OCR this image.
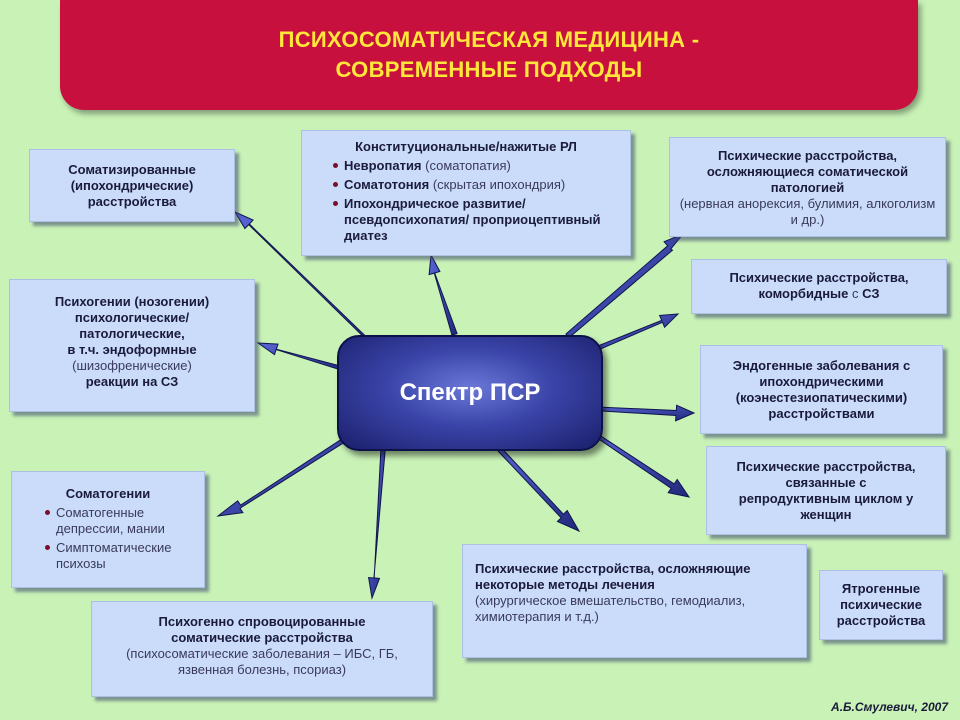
ПСИХОСОМАТИЧЕСКАЯ МЕДИЦИНА -
СОВРЕМЕННЫЕ ПОДХОДЫ
Спектр ПСР
Соматизированные
(ипохондрические)
расстройства
Конституциональные/нажитые РЛ
Невропатия (соматопатия)
Соматотония (скрытая ипохондрия)
Ипохондрическое развитие/ псевдопсихопатия/ проприоцептивный диатез
Психические расстройства,
осложняющиеся соматической патологией
(нервная анорексия, булимия, алкоголизм и др.)
Психогении (нозогении)
психологические/
патологические,
в т.ч. эндоформные
(шизофренические)
реакции на СЗ
Психические расстройства,
коморбидные с СЗ
Эндогенные заболевания с ипохондрическими
(коэнестезиопатическими)
расстройствами
Психические расстройства, связанные с репродуктивным циклом у женщин
Соматогении
Соматогенные депрессии, мании
Симптоматические психозы	Психические расстройства, осложняющие некоторые методы лечения
(хирургическое вмешательство, гемодиализ, химиотерапия и т.д.)
Ятрогенные
психические
расстройства
Психогенно спровоцированные
соматические расстройства
(психосоматические заболевания – ИБС, ГБ, язвенная болезнь, псориаз)
А.Б.Смулевич, 2007
